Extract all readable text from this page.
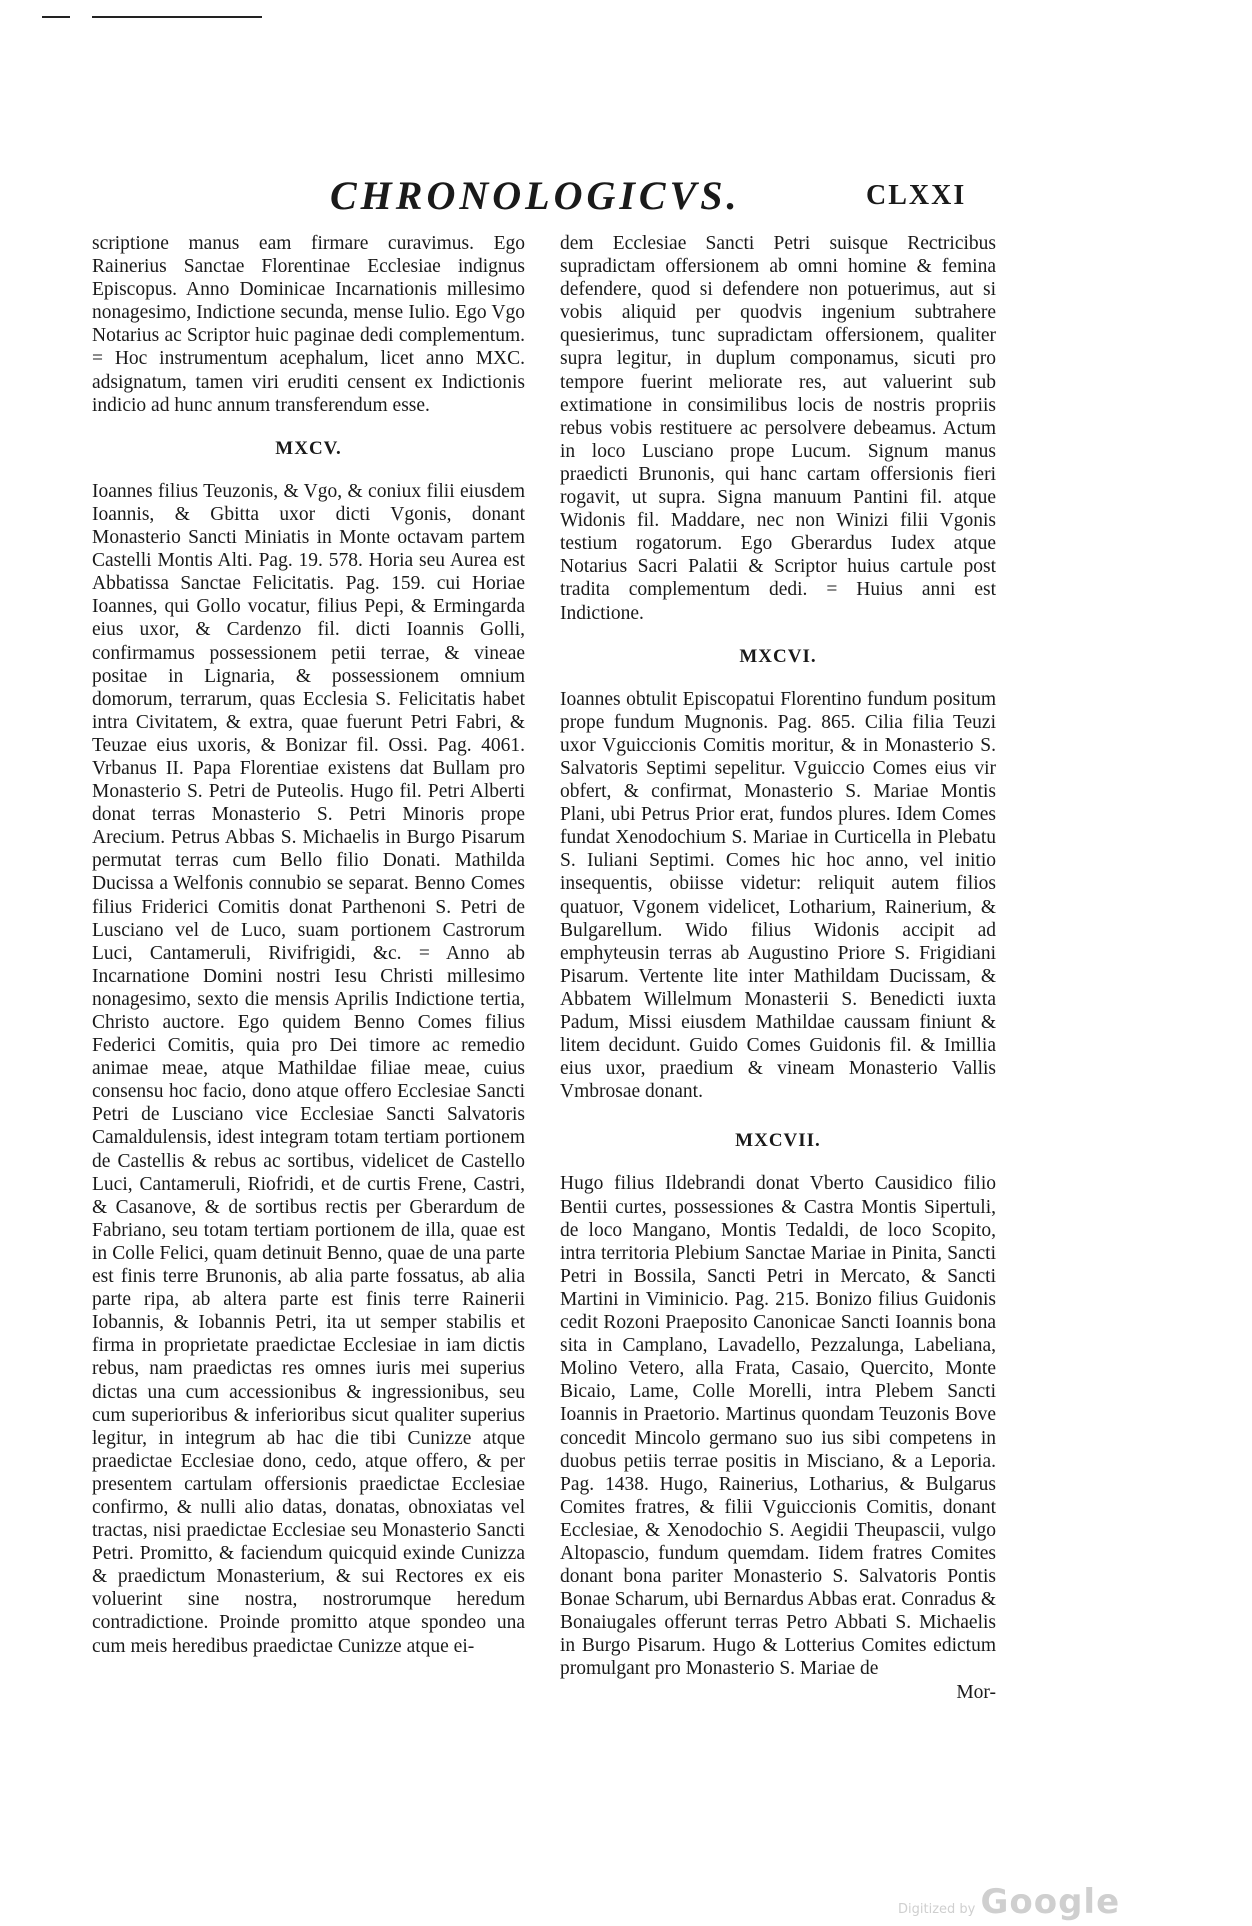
CHRONOLOGICVS.	CLXXI

scriptione manus eam firmare curavimus. Ego Rainerius Sanctae Florentinae Ecclesiae indignus Episcopus. Anno Dominicae Incarnationis millesimo nonagesimo, Indictione secunda, mense Iulio. Ego Vgo Notarius ac Scriptor huic paginae dedi complementum. = Hoc instrumentum acephalum, licet anno MXC. adsignatum, tamen viri eruditi censent ex Indictionis indicio ad hunc annum transferendum esse.

MXCV.

Ioannes filius Teuzonis, & Vgo, & coniux filii eiusdem Ioannis, & Gbitta uxor dicti Vgonis, donant Monasterio Sancti Miniatis in Monte octavam partem Castelli Montis Alti. Pag. 19. 578. Horia seu Aurea est Abbatissa Sanctae Felicitatis. Pag. 159. cui Horiae Ioannes, qui Gollo vocatur, filius Pepi, & Ermingarda eius uxor, & Cardenzo fil. dicti Ioannis Golli, confirmamus possessionem petii terrae, & vineae positae in Lignaria, & possessionem omnium domorum, terrarum, quas Ecclesia S. Felicitatis habet intra Civitatem, & extra, quae fuerunt Petri Fabri, & Teuzae eius uxoris, & Bonizar fil. Ossi. Pag. 4061. Vrbanus II. Papa Florentiae existens dat Bullam pro Monasterio S. Petri de Puteolis. Hugo fil. Petri Alberti donat terras Monasterio S. Petri Minoris prope Arecium. Petrus Abbas S. Michaelis in Burgo Pisarum permutat terras cum Bello filio Donati. Mathilda Ducissa a Welfonis connubio se separat. Benno Comes filius Friderici Comitis donat Parthenoni S. Petri de Lusciano vel de Luco, suam portionem Castrorum Luci, Cantameruli, Rivifrigidi, &c. = Anno ab Incarnatione Domini nostri Iesu Christi millesimo nonagesimo, sexto die mensis Aprilis Indictione tertia, Christo auctore. Ego quidem Benno Comes filius Federici Comitis, quia pro Dei timore ac remedio animae meae, atque Mathildae filiae meae, cuius consensu hoc facio, dono atque offero Ecclesiae Sancti Petri de Lusciano vice Ecclesiae Sancti Salvatoris Camaldulensis, idest integram totam tertiam portionem de Castellis & rebus ac sortibus, videlicet de Castello Luci, Cantameruli, Riofridi, et de curtis Frene, Castri, & Casanove, & de sortibus rectis per Gberardum de Fabriano, seu totam tertiam portionem de illa, quae est in Colle Felici, quam detinuit Benno, quae de una parte est finis terre Brunonis, ab alia parte fossatus, ab alia parte ripa, ab altera parte est finis terre Rainerii Iobannis, & Iobannis Petri, ita ut semper stabilis et firma in proprietate praedictae Ecclesiae in iam dictis rebus, nam praedictas res omnes iuris mei superius dictas una cum accessionibus & ingressionibus, seu cum superioribus & inferioribus sicut qualiter superius legitur, in integrum ab hac die tibi Cunizze atque praedictae Ecclesiae dono, cedo, atque offero, & per presentem cartulam offersionis praedictae Ecclesiae confirmo, & nulli alio datas, donatas, obnoxiatas vel tractas, nisi praedictae Ecclesiae seu Monasterio Sancti Petri. Promitto, & faciendum quicquid exinde Cunizza & praedictum Monasterium, & sui Rectores ex eis voluerint sine nostra, nostrorumque heredum contradictione. Proinde promitto atque spondeo una cum meis heredibus praedictae Cunizze atque ei-

dem Ecclesiae Sancti Petri suisque Rectricibus supradictam offersionem ab omni homine & femina defendere, quod si defendere non potuerimus, aut si vobis aliquid per quodvis ingenium subtrahere quesierimus, tunc supradictam offersionem, qualiter supra legitur, in duplum componamus, sicuti pro tempore fuerint meliorate res, aut valuerint sub extimatione in consimilibus locis de nostris propriis rebus vobis restituere ac persolvere debeamus. Actum in loco Lusciano prope Lucum. Signum manus praedicti Brunonis, qui hanc cartam offersionis fieri rogavit, ut supra. Signa manuum Pantini fil. atque Widonis fil. Maddare, nec non Winizi filii Vgonis testium rogatorum. Ego Gberardus Iudex atque Notarius Sacri Palatii & Scriptor huius cartule post tradita complementum dedi. = Huius anni est Indictione.

MXCVI.

Ioannes obtulit Episcopatui Florentino fundum positum prope fundum Mugnonis. Pag. 865. Cilia filia Teuzi uxor Vguiccionis Comitis moritur, & in Monasterio S. Salvatoris Septimi sepelitur. Vguiccio Comes eius vir obfert, & confirmat, Monasterio S. Mariae Montis Plani, ubi Petrus Prior erat, fundos plures. Idem Comes fundat Xenodochium S. Mariae in Curticella in Plebatu S. Iuliani Septimi. Comes hic hoc anno, vel initio insequentis, obiisse videtur: reliquit autem filios quatuor, Vgonem videlicet, Lotharium, Rainerium, & Bulgarellum. Wido filius Widonis accipit ad emphyteusin terras ab Augustino Priore S. Frigidiani Pisarum. Vertente lite inter Mathildam Ducissam, & Abbatem Willelmum Monasterii S. Benedicti iuxta Padum, Missi eiusdem Mathildae caussam finiunt & litem decidunt. Guido Comes Guidonis fil. & Imillia eius uxor, praedium & vineam Monasterio Vallis Vmbrosae donant.

MXCVII.

Hugo filius Ildebrandi donat Vberto Causidico filio Bentii curtes, possessiones & Castra Montis Sipertuli, de loco Mangano, Montis Tedaldi, de loco Scopito, intra territoria Plebium Sanctae Mariae in Pinita, Sancti Petri in Bossila, Sancti Petri in Mercato, & Sancti Martini in Viminicio. Pag. 215. Bonizo filius Guidonis cedit Rozoni Praeposito Canonicae Sancti Ioannis bona sita in Camplano, Lavadello, Pezzalunga, Labeliana, Molino Vetero, alla Frata, Casaio, Quercito, Monte Bicaio, Lame, Colle Morelli, intra Plebem Sancti Ioannis in Praetorio. Martinus quondam Teuzonis Bove concedit Mincolo germano suo ius sibi competens in duobus petiis terrae positis in Misciano, & a Leporia. Pag. 1438. Hugo, Rainerius, Lotharius, & Bulgarus Comites fratres, & filii Vguiccionis Comitis, donant Ecclesiae, & Xenodochio S. Aegidii Theupascii, vulgo Altopascio, fundum quemdam. Iidem fratres Comites donant bona pariter Monasterio S. Salvatoris Pontis Bonae Scharum, ubi Bernardus Abbas erat. Conradus & Bonaiugales offerunt terras Petro Abbati S. Michaelis in Burgo Pisarum. Hugo & Lotterius Comites edictum promulgant pro Monasterio S. Mariae de

Mor-

Digitized by Google
